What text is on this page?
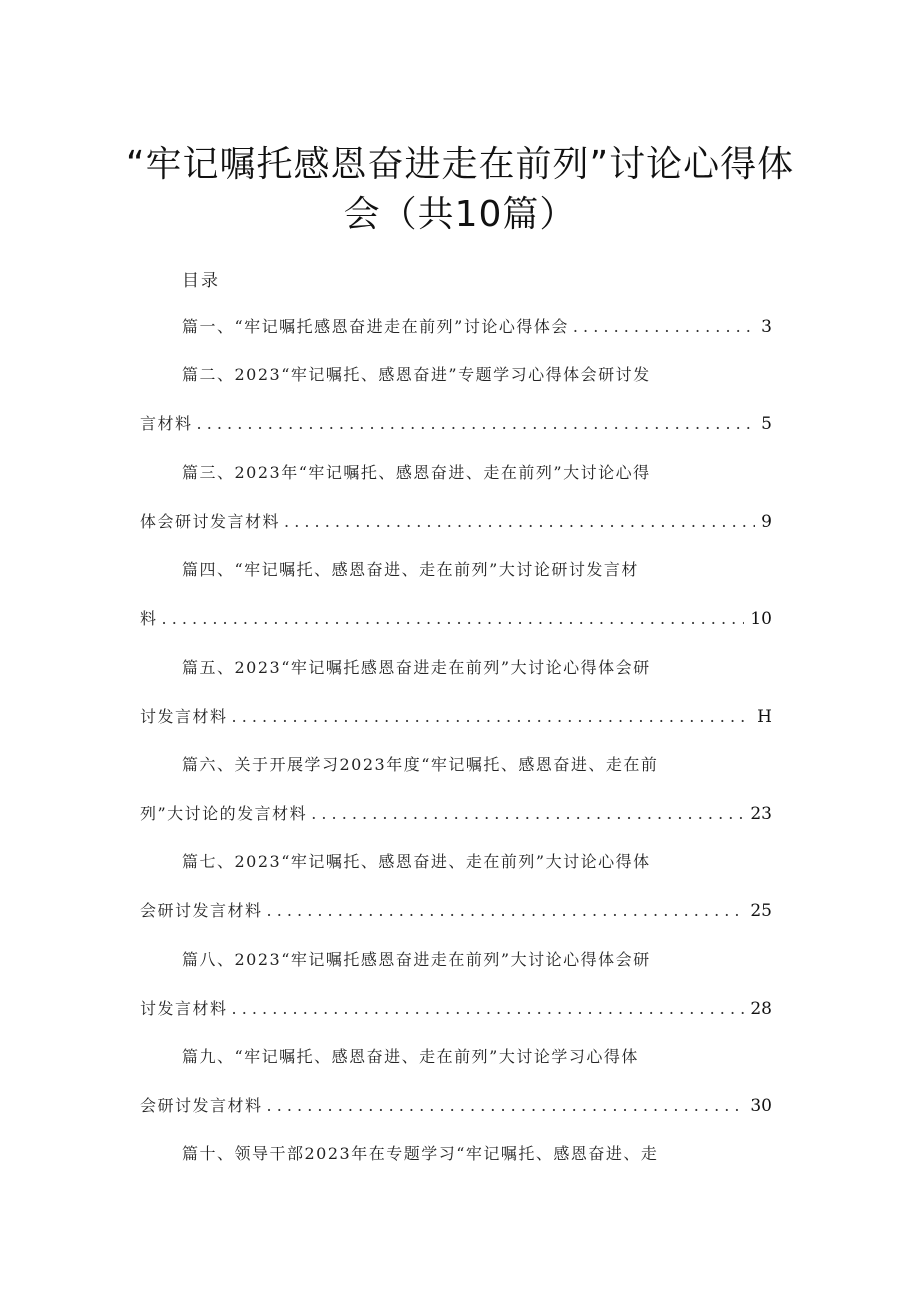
“牢记嘱托感恩奋进走在前列”讨论心得体
会（共10篇）
目录
篇一、“牢记嘱托感恩奋进走在前列”讨论心得体会 . . .	3
篇二、2023“牢记嘱托、感恩奋进”专题学习心得体会研讨发
言材料 . . .	5
篇三、2023年“牢记嘱托、感恩奋进、走在前列”大讨论心得
体会研讨发言材料 . . .	9
篇四、“牢记嘱托、感恩奋进、走在前列”大讨论研讨发言材
料 . . .	10
篇五、2023“牢记嘱托感恩奋进走在前列”大讨论心得体会研
讨发言材料 . . .	H
篇六、关于开展学习2023年度“牢记嘱托、感恩奋进、走在前
列”大讨论的发言材料 . . .	23
篇七、2023“牢记嘱托、感恩奋进、走在前列”大讨论心得体
会研讨发言材料 . . .	25
篇八、2023“牢记嘱托感恩奋进走在前列”大讨论心得体会研
讨发言材料 . . .	28
篇九、“牢记嘱托、感恩奋进、走在前列”大讨论学习心得体
会研讨发言材料 . . .	30
篇十、领导干部2023年在专题学习“牢记嘱托、感恩奋进、走
